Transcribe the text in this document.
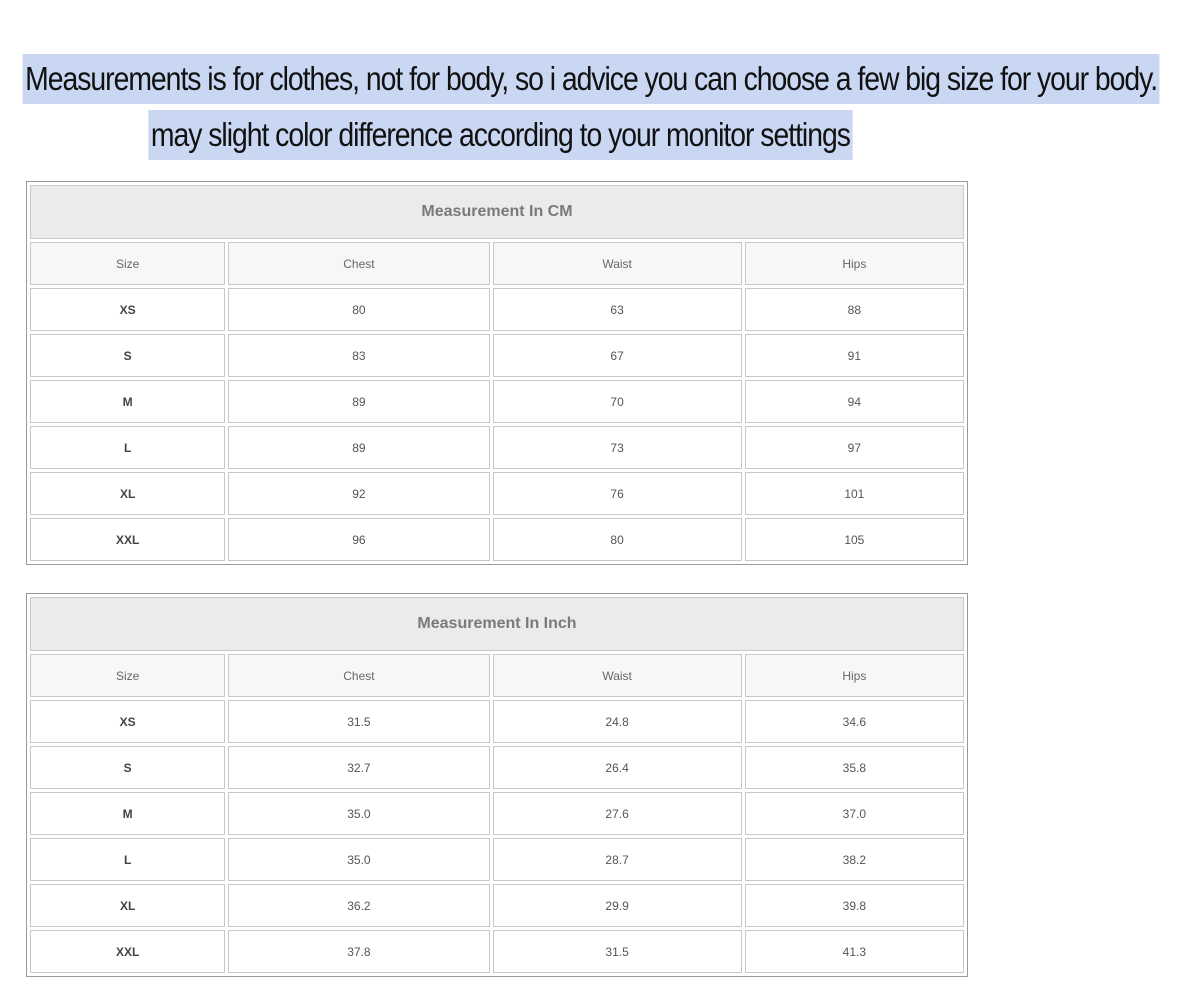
Measurements is for clothes, not for body, so i advice you can choose a few big size for your body.
may slight color difference according to your monitor settings
Measurement In CM			
Size	Chest	Waist	Hips
XS	80	63	88
S	83	67	91
M	89	70	94
L	89	73	97
XL	92	76	101
XXL	96	80	105
Measurement In Inch			
Size	Chest	Waist	Hips
XS	31.5	24.8	34.6
S	32.7	26.4	35.8
M	35.0	27.6	37.0
L	35.0	28.7	38.2
XL	36.2	29.9	39.8
XXL	37.8	31.5	41.3
